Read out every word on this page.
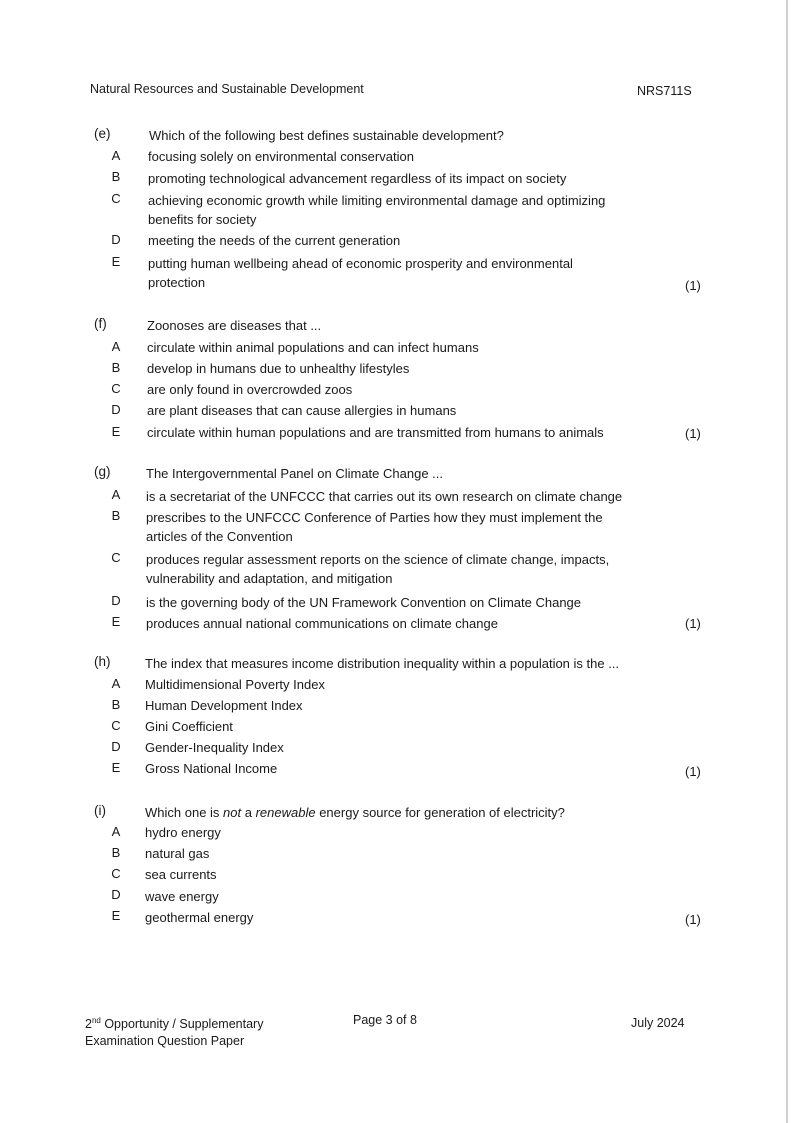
Natural Resources and Sustainable Development	NRS711S
(e)	Which of the following best defines sustainable development?
A focusing solely on environmental conservation
B promoting technological advancement regardless of its impact on society
C achieving economic growth while limiting environmental damage and optimizing benefits for society
D meeting the needs of the current generation
E putting human wellbeing ahead of economic prosperity and environmental protection	(1)
(f)	Zoonoses are diseases that ...
A circulate within animal populations and can infect humans
B develop in humans due to unhealthy lifestyles
C are only found in overcrowded zoos
D are plant diseases that can cause allergies in humans
E circulate within human populations and are transmitted from humans to animals	(1)
(g)	The Intergovernmental Panel on Climate Change ...
A is a secretariat of the UNFCCC that carries out its own research on climate change
B prescribes to the UNFCCC Conference of Parties how they must implement the articles of the Convention
C produces regular assessment reports on the science of climate change, impacts, vulnerability and adaptation, and mitigation
D is the governing body of the UN Framework Convention on Climate Change
E produces annual national communications on climate change	(1)
(h)	The index that measures income distribution inequality within a population is the ...
A Multidimensional Poverty Index
B Human Development Index
C Gini Coefficient
D Gender-Inequality Index
E Gross National Income	(1)
(i)	Which one is not a renewable energy source for generation of electricity?
A hydro energy
B natural gas
C sea currents
D wave energy
E geothermal energy	(1)
2nd Opportunity / Supplementary
Examination Question Paper
Page 3 of 8	July 2024
